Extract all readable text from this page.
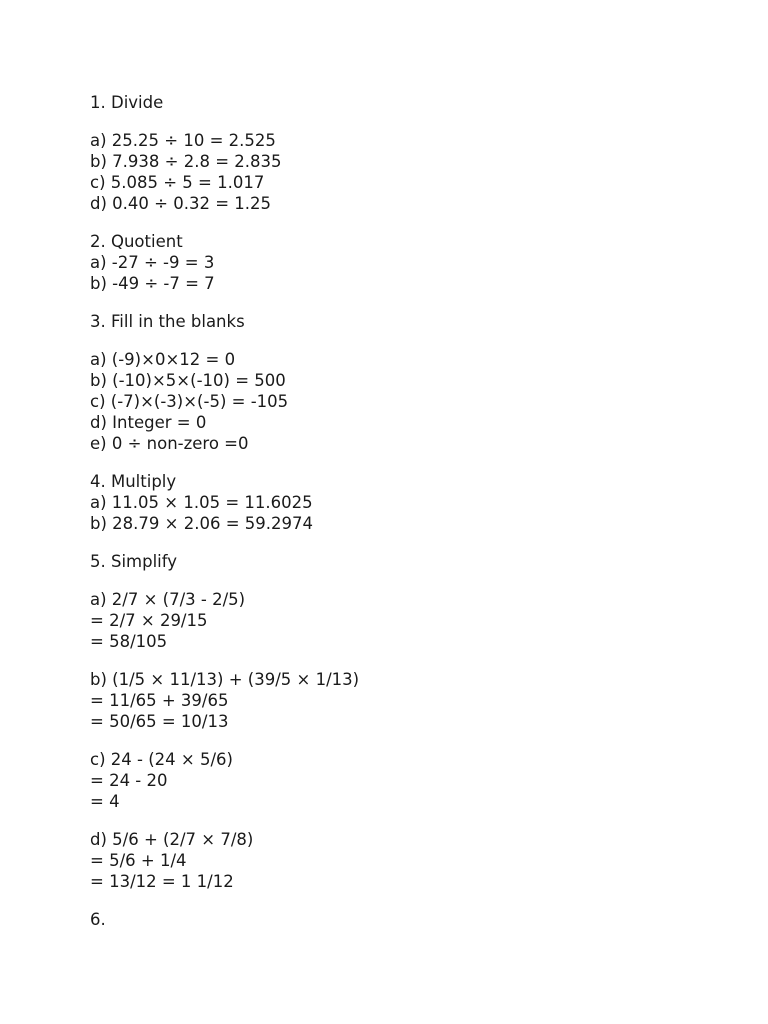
1. Divide
a) 25.25 ÷ 10 = 2.525
b) 7.938 ÷ 2.8 = 2.835
c) 5.085 ÷ 5 = 1.017
d) 0.40 ÷ 0.32 = 1.25
2. Quotient
a) -27 ÷ -9 = 3
b) -49 ÷ -7 = 7
3. Fill in the blanks
a) (-9)×0×12 = 0
b) (-10)×5×(-10) = 500
c) (-7)×(-3)×(-5) = -105
d) Integer = 0
e) 0 ÷ non-zero =0
4. Multiply
a) 11.05 × 1.05 = 11.6025
b) 28.79 × 2.06 = 59.2974
5. Simplify
a) 2/7 × (7/3 - 2/5)
= 2/7 × 29/15
= 58/105
b) (1/5 × 11/13) + (39/5 × 1/13)
= 11/65 + 39/65
= 50/65 = 10/13
c) 24 - (24 × 5/6)
= 24 - 20
= 4
d) 5/6 + (2/7 × 7/8)
= 5/6 + 1/4
= 13/12 = 1 1/12
6.
